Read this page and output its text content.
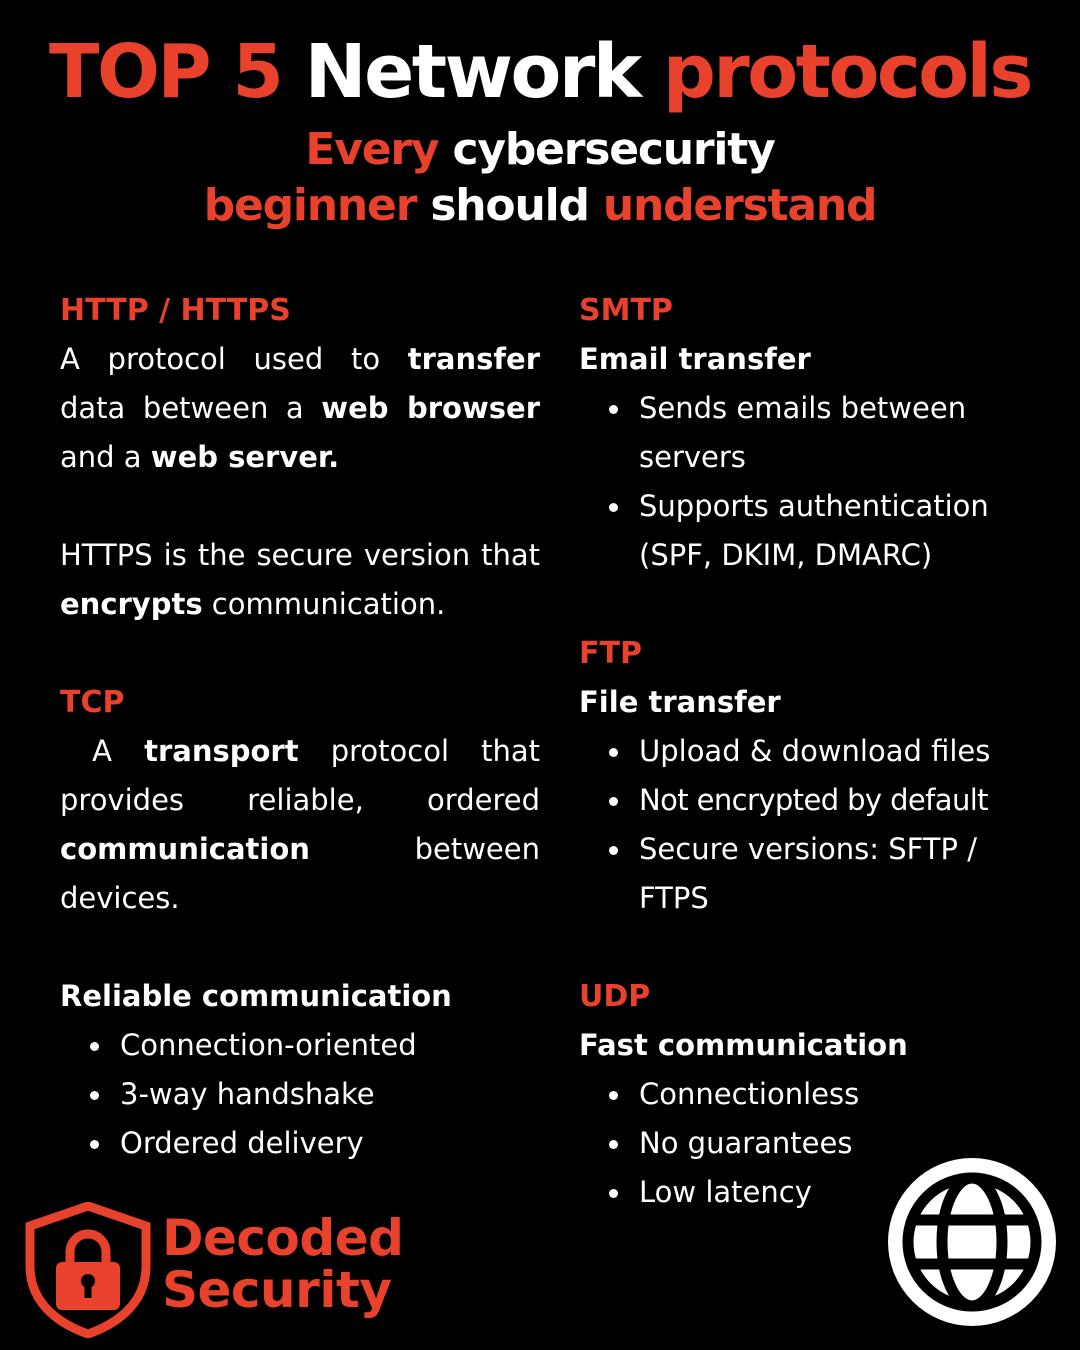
TOP 5 Network protocols
Every cybersecurity
beginner should understand
HTTP / HTTPS

A protocol used to transfer data between a web browser and a web server.

HTTPS is the secure version that encrypts communication.

TCP

A transport protocol that provides reliable, ordered communication between devices.

Reliable communication
Connection-oriented
3-way handshake
Ordered delivery
SMTP
Email transfer
Sends emails between servers
Supports authentication (SPF, DKIM, DMARC)
FTP
File transfer
Upload & download files
Not encrypted by default
Secure versions: SFTP / FTPS
UDP
Fast communication
Connectionless
No guarantees
Low latency
Decoded
Security
